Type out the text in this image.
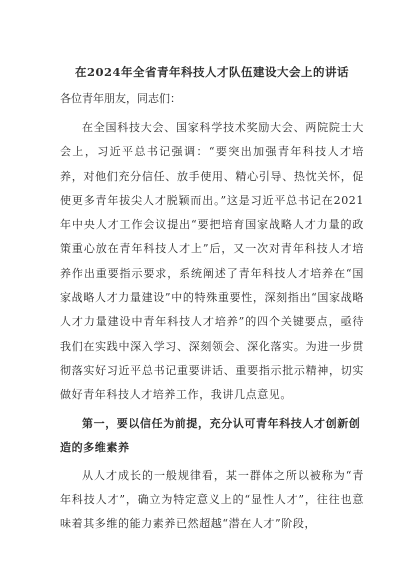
在2024年全省青年科技人才队伍建设大会上的讲话

各位青年朋友，同志们：

在全国科技大会、国家科学技术奖励大会、两院院士大会上，习近平总书记强调：“要突出加强青年科技人才培养，对他们充分信任、放手使用、精心引导、热忱关怀，促使更多青年拔尖人才脱颖而出。”这是习近平总书记在2021年中央人才工作会议提出“要把培育国家战略人才力量的政策重心放在青年科技人才上”后，又一次对青年科技人才培养作出重要指示要求，系统阐述了青年科技人才培养在“国家战略人才力量建设”中的特殊重要性，深刻指出“国家战略人才力量建设中青年科技人才培养”的四个关键要点，亟待我们在实践中深入学习、深刻领会、深化落实。为进一步贯彻落实好习近平总书记重要讲话、重要指示批示精神，切实做好青年科技人才培养工作，我讲几点意见。

第一，要以信任为前提，充分认可青年科技人才创新创造的多维素养

从人才成长的一般规律看，某一群体之所以被称为“青年科技人才”，确立为特定意义上的“显性人才”，往往也意味着其多维的能力素养已然超越“潜在人才”阶段，
